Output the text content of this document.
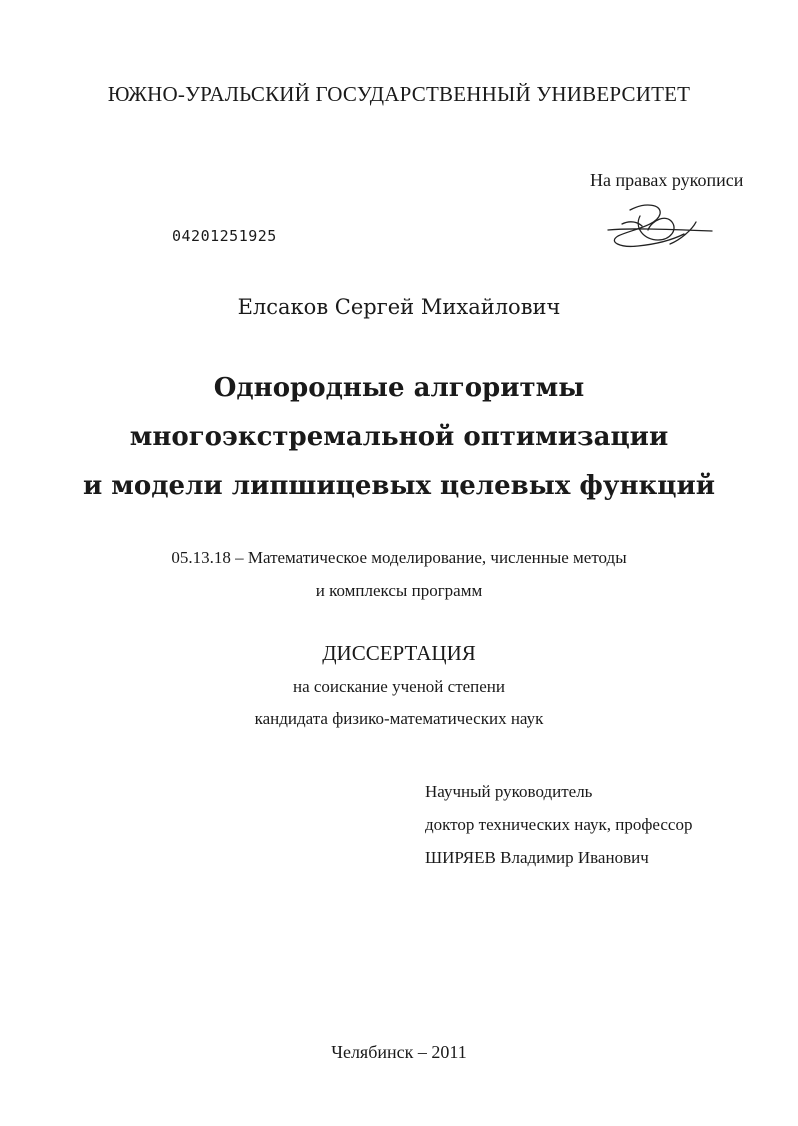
ЮЖНО-УРАЛЬСКИЙ ГОСУДАРСТВЕННЫЙ УНИВЕРСИТЕТ
На правах рукописи
04201251925
Елсаков Сергей Михайлович
Однородные алгоритмы
многоэкстремальной оптимизации
и модели липшицевых целевых функций
05.13.18 – Математическое моделирование, численные методы
и комплексы программ
ДИССЕРТАЦИЯ
на соискание ученой степени
кандидата физико-математических наук
Научный руководитель
доктор технических наук, профессор
ШИРЯЕВ Владимир Иванович
Челябинск – 2011
